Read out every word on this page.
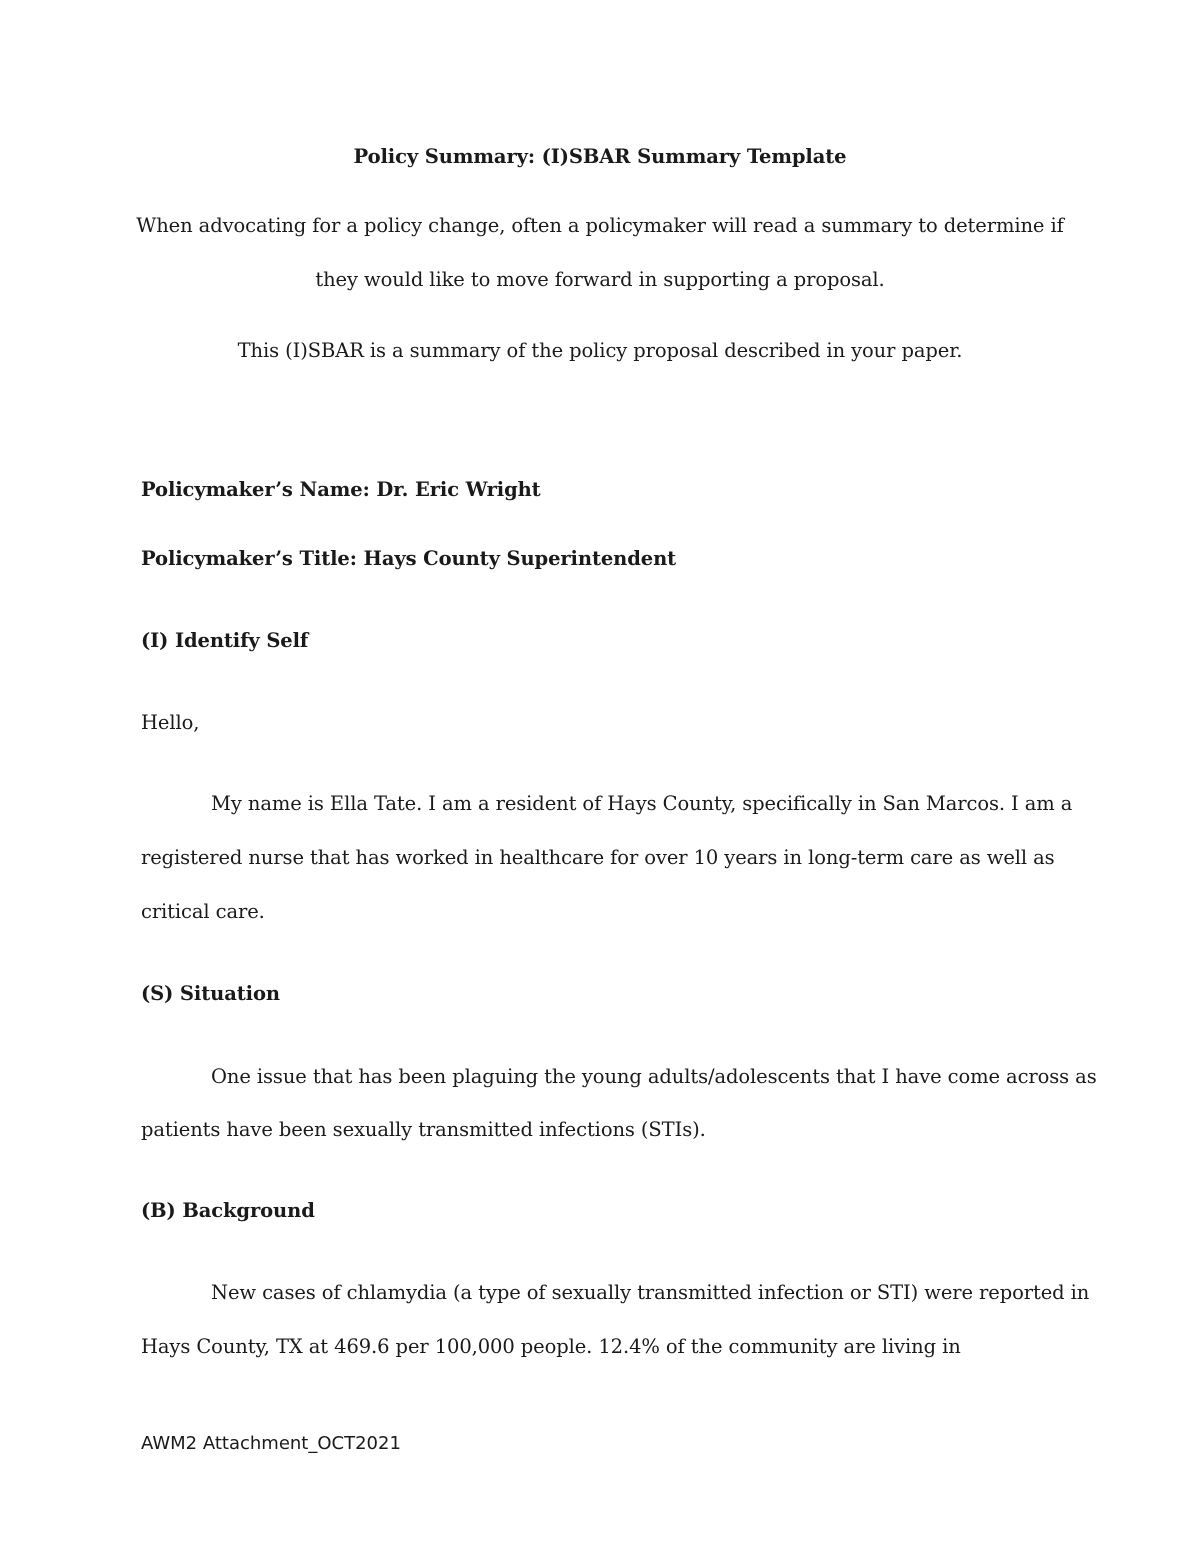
Policy Summary: (I)SBAR Summary Template
When advocating for a policy change, often a policymaker will read a summary to determine if
they would like to move forward in supporting a proposal.
This (I)SBAR is a summary of the policy proposal described in your paper.
Policymaker’s Name: Dr. Eric Wright
Policymaker’s Title: Hays County Superintendent
(I) Identify Self
Hello,
My name is Ella Tate. I am a resident of Hays County, specifically in San Marcos. I am a
registered nurse that has worked in healthcare for over 10 years in long-term care as well as
critical care.
(S) Situation
One issue that has been plaguing the young adults/adolescents that I have come across as
patients have been sexually transmitted infections (STIs).
(B) Background
New cases of chlamydia (a type of sexually transmitted infection or STI) were reported in
Hays County, TX at 469.6 per 100,000 people. 12.4% of the community are living in
AWM2 Attachment_OCT2021
